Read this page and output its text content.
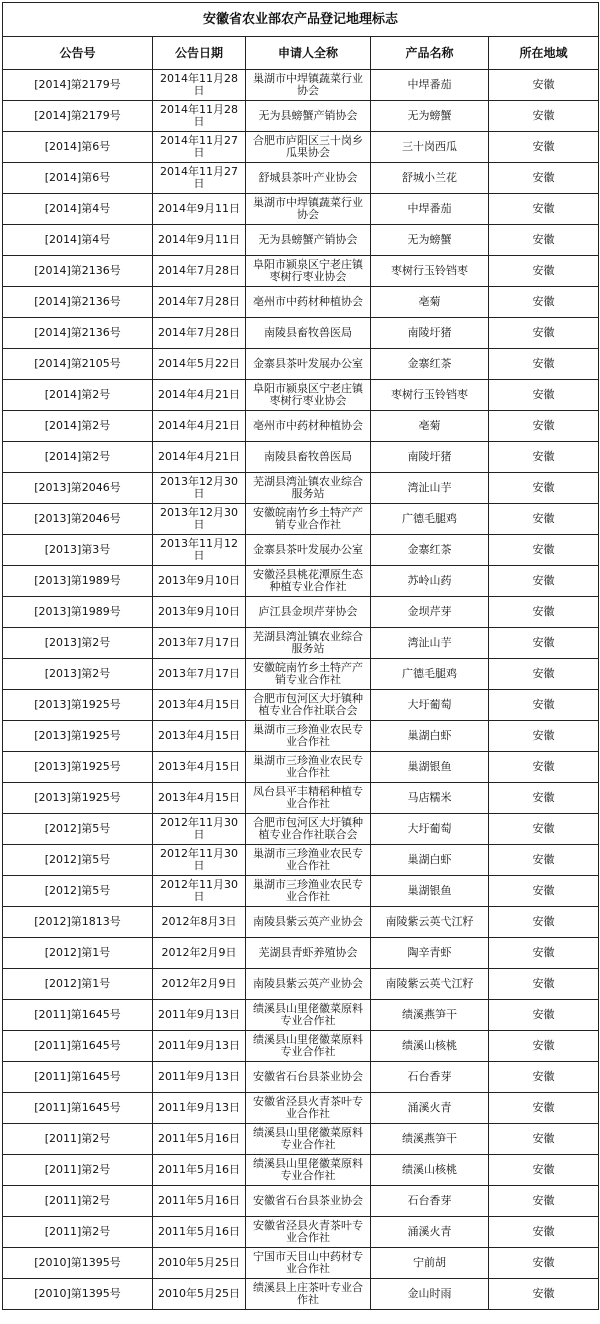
安徽省农业部农产品登记地理标志				
公告号	公告日期	申请人全称	产品名称	所在地域
[2014]第2179号	2014年11月28日	巢湖市中垾镇蔬菜行业协会	中垾番茄	安徽
[2014]第2179号	2014年11月28日	无为县螃蟹产销协会	无为螃蟹	安徽
[2014]第6号	2014年11月27日	合肥市庐阳区三十岗乡瓜果协会	三十岗西瓜	安徽
[2014]第6号	2014年11月27日	舒城县茶叶产业协会	舒城小兰花	安徽
[2014]第4号	2014年9月11日	巢湖市中垾镇蔬菜行业协会	中垾番茄	安徽
[2014]第4号	2014年9月11日	无为县螃蟹产销协会	无为螃蟹	安徽
[2014]第2136号	2014年7月28日	阜阳市颍泉区宁老庄镇枣树行枣业协会	枣树行玉铃铛枣	安徽
[2014]第2136号	2014年7月28日	亳州市中药材种植协会	亳菊	安徽
[2014]第2136号	2014年7月28日	南陵县畜牧兽医局	南陵圩猪	安徽
[2014]第2105号	2014年5月22日	金寨县茶叶发展办公室	金寨红茶	安徽
[2014]第2号	2014年4月21日	阜阳市颍泉区宁老庄镇枣树行枣业协会	枣树行玉铃铛枣	安徽
[2014]第2号	2014年4月21日	亳州市中药材种植协会	亳菊	安徽
[2014]第2号	2014年4月21日	南陵县畜牧兽医局	南陵圩猪	安徽
[2013]第2046号	2013年12月30日	芜湖县湾沚镇农业综合服务站	湾沚山芋	安徽
[2013]第2046号	2013年12月30日	安徽皖南竹乡土特产产销专业合作社	广德毛腿鸡	安徽
[2013]第3号	2013年11月12日	金寨县茶叶发展办公室	金寨红茶	安徽
[2013]第1989号	2013年9月10日	安徽泾县桃花潭原生态种植专业合作社	苏岭山药	安徽
[2013]第1989号	2013年9月10日	庐江县金坝芹芽协会	金坝芹芽	安徽
[2013]第2号	2013年7月17日	芜湖县湾沚镇农业综合服务站	湾沚山芋	安徽
[2013]第2号	2013年7月17日	安徽皖南竹乡土特产产销专业合作社	广德毛腿鸡	安徽
[2013]第1925号	2013年4月15日	合肥市包河区大圩镇种植专业合作社联合会	大圩葡萄	安徽
[2013]第1925号	2013年4月15日	巢湖市三珍渔业农民专业合作社	巢湖白虾	安徽
[2013]第1925号	2013年4月15日	巢湖市三珍渔业农民专业合作社	巢湖银鱼	安徽
[2013]第1925号	2013年4月15日	凤台县平丰精稻种植专业合作社	马店糯米	安徽
[2012]第5号	2012年11月30日	合肥市包河区大圩镇种植专业合作社联合会	大圩葡萄	安徽
[2012]第5号	2012年11月30日	巢湖市三珍渔业农民专业合作社	巢湖白虾	安徽
[2012]第5号	2012年11月30日	巢湖市三珍渔业农民专业合作社	巢湖银鱼	安徽
[2012]第1813号	2012年8月3日	南陵县紫云英产业协会	南陵紫云英弋江籽	安徽
[2012]第1号	2012年2月9日	芜湖县青虾养殖协会	陶辛青虾	安徽
[2012]第1号	2012年2月9日	南陵县紫云英产业协会	南陵紫云英弋江籽	安徽
[2011]第1645号	2011年9月13日	绩溪县山里佬徽菜原料专业合作社	绩溪燕笋干	安徽
[2011]第1645号	2011年9月13日	绩溪县山里佬徽菜原料专业合作社	绩溪山核桃	安徽
[2011]第1645号	2011年9月13日	安徽省石台县茶业协会	石台香芽	安徽
[2011]第1645号	2011年9月13日	安徽省泾县火青茶叶专业合作社	涌溪火青	安徽
[2011]第2号	2011年5月16日	绩溪县山里佬徽菜原料专业合作社	绩溪燕笋干	安徽
[2011]第2号	2011年5月16日	绩溪县山里佬徽菜原料专业合作社	绩溪山核桃	安徽
[2011]第2号	2011年5月16日	安徽省石台县茶业协会	石台香芽	安徽
[2011]第2号	2011年5月16日	安徽省泾县火青茶叶专业合作社	涌溪火青	安徽
[2010]第1395号	2010年5月25日	宁国市天目山中药材专业合作社	宁前胡	安徽
[2010]第1395号	2010年5月25日	绩溪县上庄茶叶专业合作社	金山时雨	安徽
